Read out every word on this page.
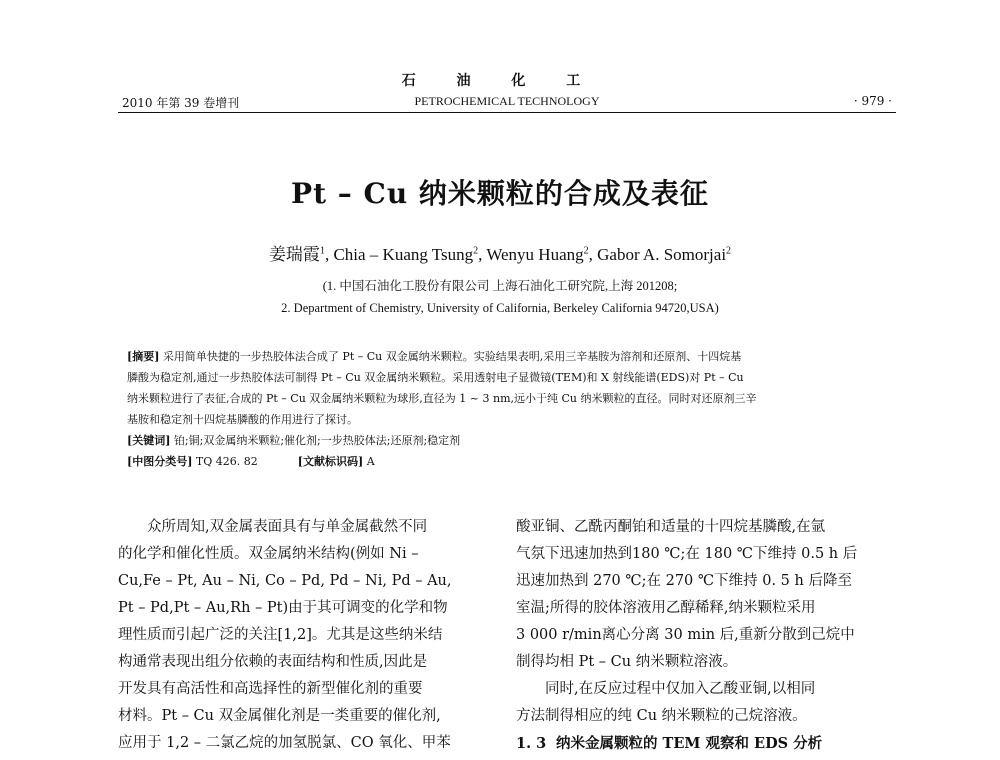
石 油 化 工
2010 年第 39 卷增刊	PETROCHEMICAL TECHNOLOGY	· 979 ·
Pt – Cu 纳米颗粒的合成及表征
姜瑞霞$^1$, Chia – Kuang Tsung$^2$, Wenyu Huang$^2$, Gabor A. Somorjai$^2$
(1. 中国石油化工股份有限公司 上海石油化工研究院,上海 201208;
2. Department of Chemistry, University of California, Berkeley California 94720,USA)
[摘要] 采用简单快捷的一步热胶体法合成了 Pt – Cu 双金属纳米颗粒。实验结果表明,采用三辛基胺为溶剂和还原剂、十四烷基
膦酸为稳定剂,通过一步热胶体法可制得 Pt – Cu 双金属纳米颗粒。采用透射电子显微镜(TEM)和 X 射线能谱(EDS)对 Pt – Cu
纳米颗粒进行了表征,合成的 Pt – Cu 双金属纳米颗粒为球形,直径为 1 ~ 3 nm,远小于纯 Cu 纳米颗粒的直径。同时对还原剂三辛
基胺和稳定剂十四烷基膦酸的作用进行了探讨。
[关键词] 铂;铜;双金属纳米颗粒;催化剂;一步热胶体法;还原剂;稳定剂
[中图分类号] TQ 426. 82	[文献标识码] A
众所周知,双金属表面具有与单金属截然不同
的化学和催化性质。双金属纳米结构(例如 Ni –
Cu,Fe – Pt, Au – Ni, Co – Pd, Pd – Ni, Pd – Au,
Pt – Pd,Pt – Au,Rh – Pt)由于其可调变的化学和物
理性质而引起广泛的关注[1,2]。尤其是这些纳米结
构通常表现出组分依赖的表面结构和性质,因此是
开发具有高活性和高选择性的新型催化剂的重要
材料。Pt – Cu 双金属催化剂是一类重要的催化剂,
应用于 1,2 – 二氯乙烷的加氢脱氯、CO 氧化、甲苯
酸亚铜、乙酰丙酮铂和适量的十四烷基膦酸,在氩
气氛下迅速加热到180 ℃;在 180 ℃下维持 0.5 h 后
迅速加热到 270 ℃;在 270 ℃下维持 0. 5 h 后降至
室温;所得的胶体溶液用乙醇稀释,纳米颗粒采用
3 000 r/min离心分离 30 min 后,重新分散到己烷中
制得均相 Pt – Cu 纳米颗粒溶液。
同时,在反应过程中仅加入乙酸亚铜,以相同
方法制得相应的纯 Cu 纳米颗粒的己烷溶液。
1. 3 纳米金属颗粒的 TEM 观察和 EDS 分析
